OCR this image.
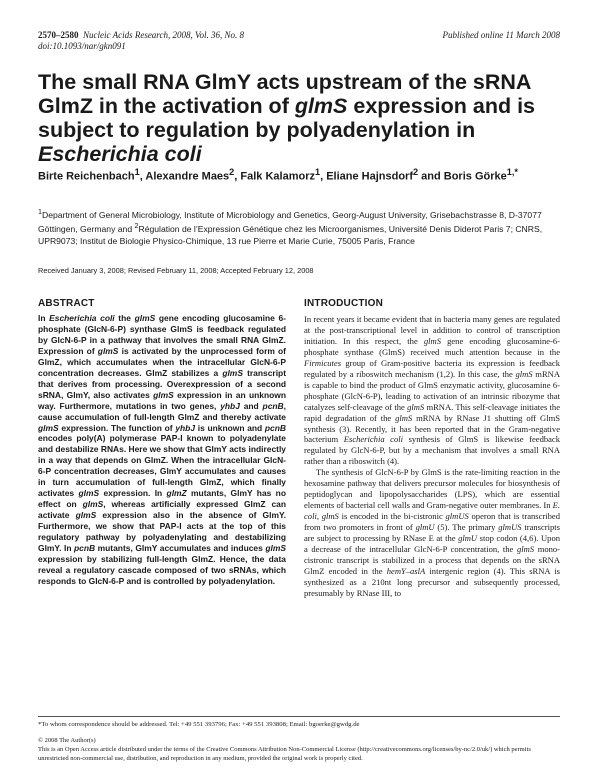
2570–2580 Nucleic Acids Research, 2008, Vol. 36, No. 8
doi:10.1093/nar/gkn091
Published online 11 March 2008
The small RNA GlmY acts upstream of the sRNA GlmZ in the activation of glmS expression and is subject to regulation by polyadenylation in Escherichia coli
Birte Reichenbach$^1$, Alexandre Maes$^2$, Falk Kalamorz$^1$, Eliane Hajnsdorf$^2$ and Boris Görke$^{1,*}$
$^1$Department of General Microbiology, Institute of Microbiology and Genetics, Georg-August University, Grisebachstrasse 8, D-37077 Göttingen, Germany and $^2$Régulation de l’Expression Génétique chez les Microorganismes, Université Denis Diderot Paris 7; CNRS, UPR9073; Institut de Biologie Physico-Chimique, 13 rue Pierre et Marie Curie, 75005 Paris, France
Received January 3, 2008; Revised February 11, 2008; Accepted February 12, 2008
ABSTRACT

In Escherichia coli the glmS gene encoding glucosamine 6-phosphate (GlcN-6-P) synthase GlmS is feedback regulated by GlcN-6-P in a pathway that involves the small RNA GlmZ. Expression of glmS is activated by the unprocessed form of GlmZ, which accumulates when the intracellular GlcN-6-P concentration decreases. GlmZ stabilizes a glmS transcript that derives from processing. Overexpression of a second sRNA, GlmY, also activates glmS expression in an unknown way. Furthermore, mutations in two genes, yhbJ and pcnB, cause accumulation of full-length GlmZ and thereby activate glmS expression. The function of yhbJ is unknown and pcnB encodes poly(A) polymerase PAP-I known to polyadenylate and destabilize RNAs. Here we show that GlmY acts indirectly in a way that depends on GlmZ. When the intracellular GlcN-6-P concentration decreases, GlmY accumulates and causes in turn accumulation of full-length GlmZ, which finally activates glmS expression. In glmZ mutants, GlmY has no effect on glmS, whereas artificially expressed GlmZ can activate glmS expression also in the absence of GlmY. Furthermore, we show that PAP-I acts at the top of this regulatory pathway by polyadenylating and destabilizing GlmY. In pcnB mutants, GlmY accumulates and induces glmS expression by stabilizing full-length GlmZ. Hence, the data reveal a regulatory cascade composed of two sRNAs, which responds to GlcN-6-P and is controlled by polyadenylation.

INTRODUCTION

In recent years it became evident that in bacteria many genes are regulated at the post-transcriptional level in addition to control of transcription initiation. In this respect, the glmS gene encoding glucosamine-6-phosphate synthase (GlmS) received much attention because in the Firmicutes group of Gram-positive bacteria its expression is feedback regulated by a riboswitch mechanism (1,2). In this case, the glmS mRNA is capable to bind the product of GlmS enzymatic activity, glucosamine 6-phosphate (GlcN-6-P), leading to activation of an intrinsic ribozyme that catalyzes self-cleavage of the glmS mRNA. This self-cleavage initiates the rapid degradation of the glmS mRNA by RNase J1 shutting off GlmS synthesis (3). Recently, it has been reported that in the Gram-negative bacterium Escherichia coli synthesis of GlmS is likewise feedback regulated by GlcN-6-P, but by a mechanism that involves a small RNA rather than a riboswitch (4).

The synthesis of GlcN-6-P by GlmS is the rate-limiting reaction in the hexosamine pathway that delivers precursor molecules for biosynthesis of peptidoglycan and lipopolysaccharides (LPS), which are essential elements of bacterial cell walls and Gram-negative outer membranes. In E. coli, glmS is encoded in the bi-cistronic glmUS operon that is transcribed from two promoters in front of glmU (5). The primary glmUS transcripts are subject to processing by RNase E at the glmU stop codon (4,6). Upon a decrease of the intracellular GlcN-6-P concentration, the glmS mono-cistronic transcript is stabilized in a process that depends on the sRNA GlmZ encoded in the hemY–aslA intergenic region (4). This sRNA is synthesized as a 210nt long precursor and subsequently processed, presumably by RNase III, to

*To whom correspondence should be addressed. Tel: +49 551 393796; Fax: +49 551 393808; Email: bgoerke@gwdg.de
© 2008 The Author(s)
This is an Open Access article distributed under the terms of the Creative Commons Attribution Non-Commercial License (http://creativecommons.org/licenses/by-nc/2.0/uk/) which permits unrestricted non-commercial use, distribution, and reproduction in any medium, provided the original work is properly cited.
